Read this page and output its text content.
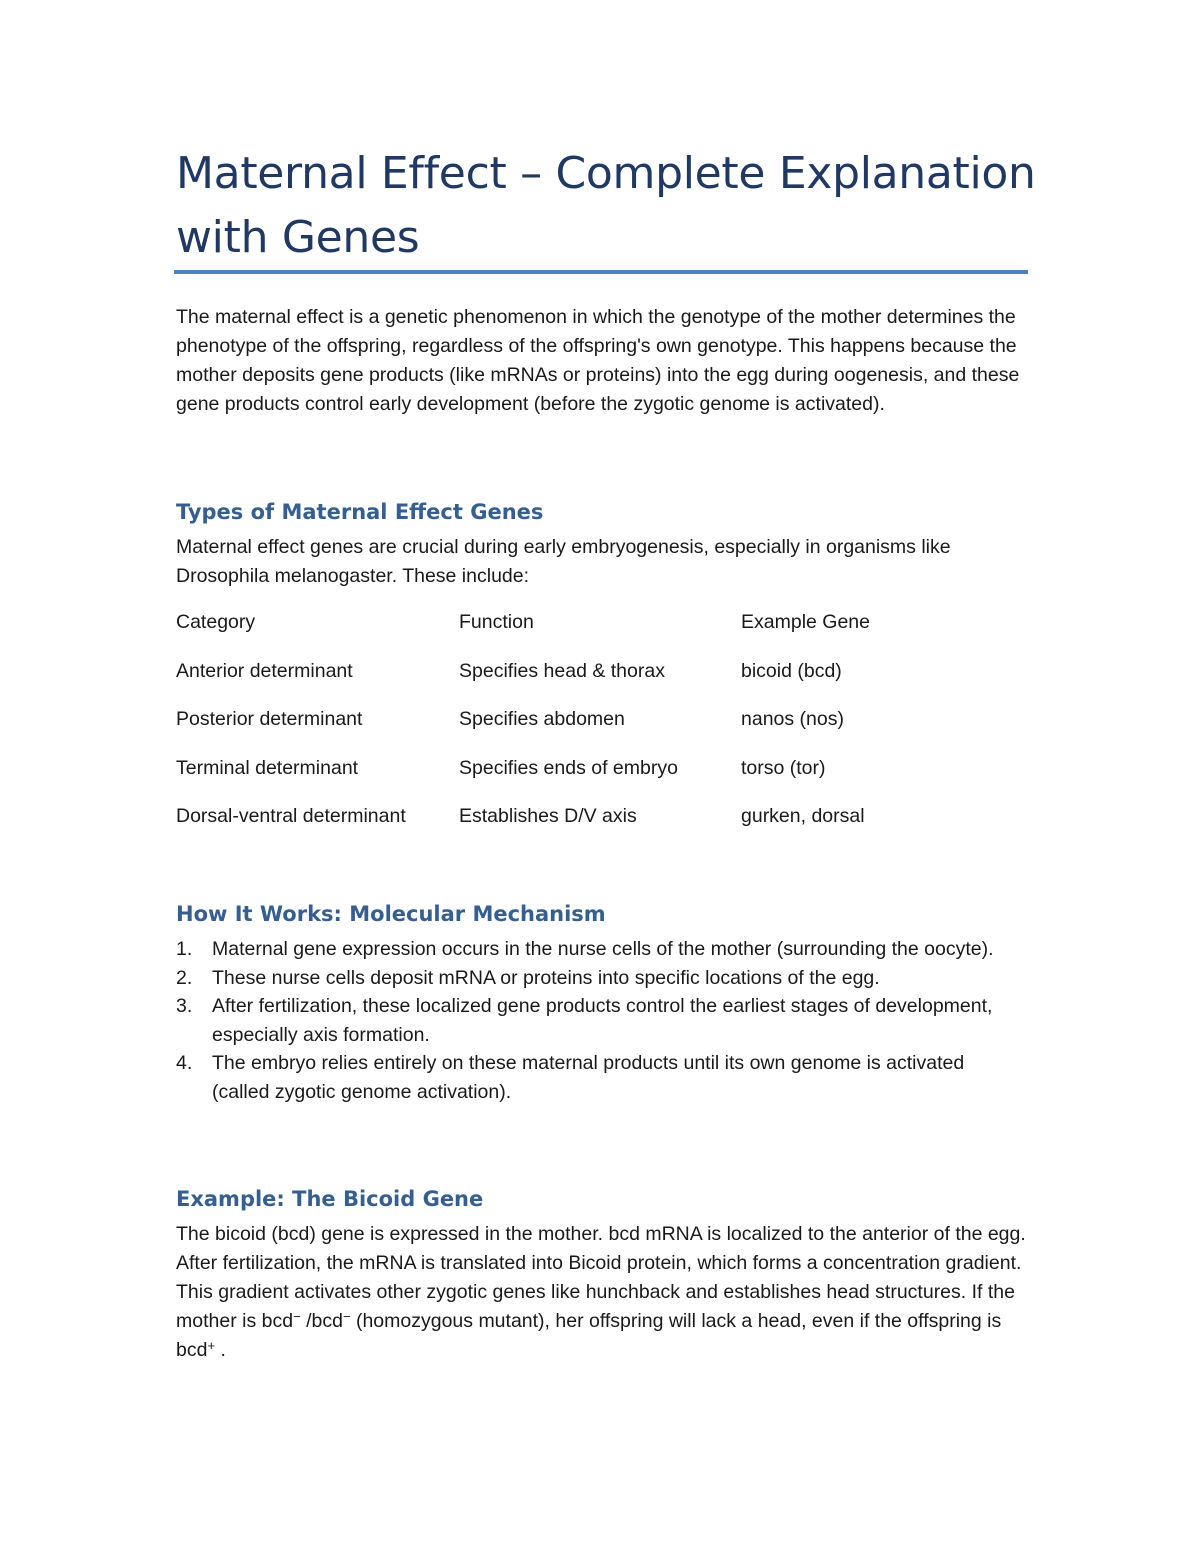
Maternal Effect – Complete Explanation with Genes

The maternal effect is a genetic phenomenon in which the genotype of the mother determines the phenotype of the offspring, regardless of the offspring's own genotype. This happens because the mother deposits gene products (like mRNAs or proteins) into the egg during oogenesis, and these gene products control early development (before the zygotic genome is activated).

Types of Maternal Effect Genes

Maternal effect genes are crucial during early embryogenesis, especially in organisms like Drosophila melanogaster. These include:

Category	Function	Example Gene
Anterior determinant	Specifies head & thorax	bicoid (bcd)
Posterior determinant	Specifies abdomen	nanos (nos)
Terminal determinant	Specifies ends of embryo	torso (tor)
Dorsal-ventral determinant	Establishes D/V axis	gurken, dorsal
How It Works: Molecular Mechanism
1. Maternal gene expression occurs in the nurse cells of the mother (surrounding the oocyte).
2. These nurse cells deposit mRNA or proteins into specific locations of the egg.
3. After fertilization, these localized gene products control the earliest stages of development, especially axis formation.
4. The embryo relies entirely on these maternal products until its own genome is activated (called zygotic genome activation).
Example: The Bicoid Gene

The bicoid (bcd) gene is expressed in the mother. bcd mRNA is localized to the anterior of the egg. After fertilization, the mRNA is translated into Bicoid protein, which forms a concentration gradient. This gradient activates other zygotic genes like hunchback and establishes head structures. If the mother is bcd− /bcd− (homozygous mutant), her offspring will lack a head, even if the offspring is bcd+ .
